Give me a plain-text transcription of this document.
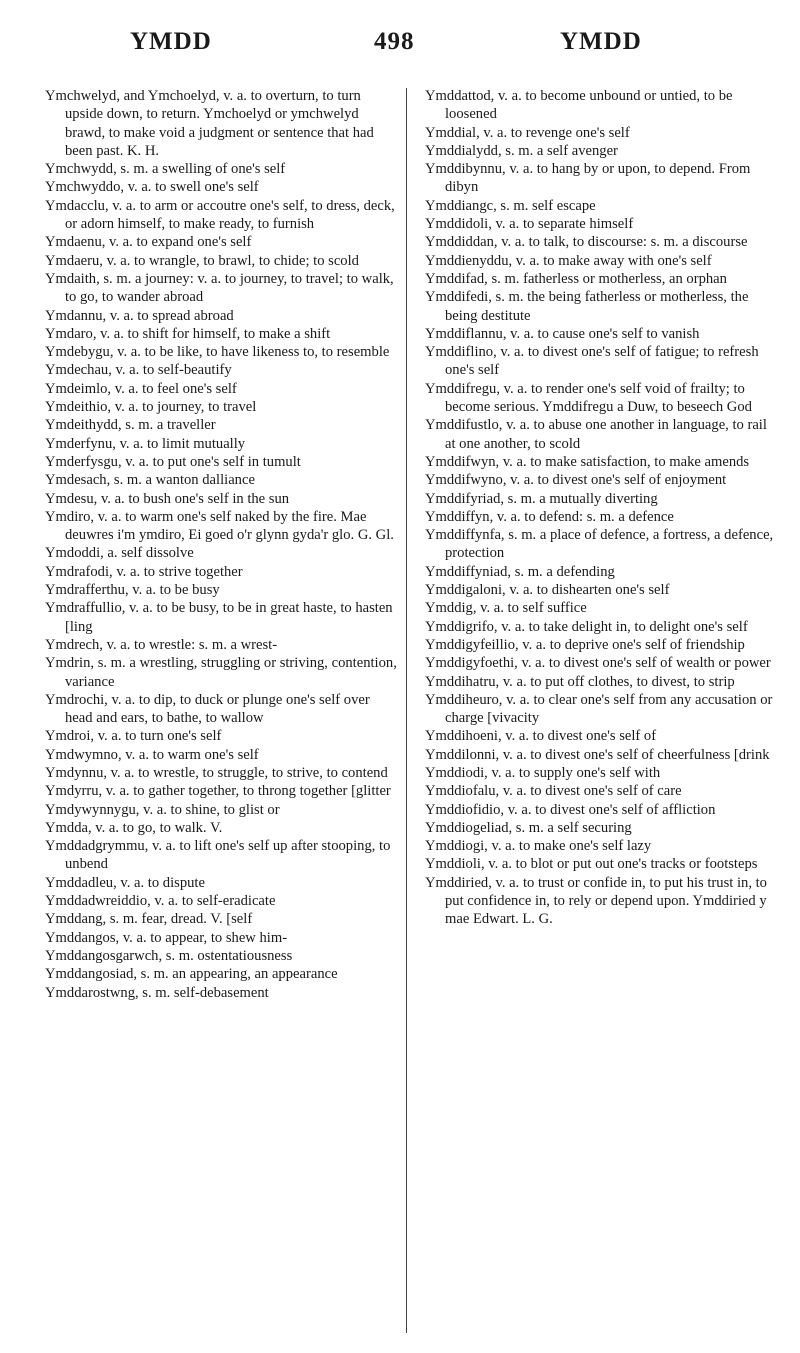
YMDD	498	YMDD

Ymchwelyd, and Ymchoelyd, v. a. to overturn, to turn upside down, to return. Ymchoelyd or ymchwelyd brawd, to make void a judgment or sentence that had been past. K. H.

Ymchwydd, s. m. a swelling of one's self

Ymchwyddo, v. a. to swell one's self

Ymdacclu, v. a. to arm or accoutre one's self, to dress, deck, or adorn himself, to make ready, to furnish

Ymdaenu, v. a. to expand one's self

Ymdaeru, v. a. to wrangle, to brawl, to chide; to scold

Ymdaith, s. m. a journey: v. a. to journey, to travel; to walk, to go, to wander abroad

Ymdannu, v. a. to spread abroad

Ymdaro, v. a. to shift for himself, to make a shift

Ymdebygu, v. a. to be like, to have likeness to, to resemble

Ymdechau, v. a. to self-beautify

Ymdeimlo, v. a. to feel one's self

Ymdeithio, v. a. to journey, to travel

Ymdeithydd, s. m. a traveller

Ymderfynu, v. a. to limit mutually

Ymderfysgu, v. a. to put one's self in tumult

Ymdesach, s. m. a wanton dalliance

Ymdesu, v. a. to bush one's self in the sun

Ymdiro, v. a. to warm one's self naked by the fire. Mae deuwres i'm ymdiro, Ei goed o'r glynn gyda'r glo. G. Gl.

Ymdoddi, a. self dissolve

Ymdrafodi, v. a. to strive together

Ymdrafferthu, v. a. to be busy

Ymdraffullio, v. a. to be busy, to be in great haste, to hasten [ling

Ymdrech, v. a. to wrestle: s. m. a wrest-

Ymdrin, s. m. a wrestling, struggling or striving, contention, variance

Ymdrochi, v. a. to dip, to duck or plunge one's self over head and ears, to bathe, to wallow

Ymdroi, v. a. to turn one's self

Ymdwymno, v. a. to warm one's self

Ymdynnu, v. a. to wrestle, to struggle, to strive, to contend

Ymdyrru, v. a. to gather together, to throng together [glitter

Ymdywynnygu, v. a. to shine, to glist or

Ymdda, v. a. to go, to walk. V.

Ymddadgrymmu, v. a. to lift one's self up after stooping, to unbend

Ymddadleu, v. a. to dispute

Ymddadwreiddio, v. a. to self-eradicate

Ymddang, s. m. fear, dread. V. [self

Ymddangos, v. a. to appear, to shew him-

Ymddangosgarwch, s. m. ostentatiousness

Ymddangosiad, s. m. an appearing, an appearance

Ymddarostwng, s. m. self-debasement

Ymddattod, v. a. to become unbound or untied, to be loosened

Ymddial, v. a. to revenge one's self

Ymddialydd, s. m. a self avenger

Ymddibynnu, v. a. to hang by or upon, to depend. From dibyn

Ymddiangc, s. m. self escape

Ymddidoli, v. a. to separate himself

Ymddiddan, v. a. to talk, to discourse: s. m. a discourse

Ymddienyddu, v. a. to make away with one's self

Ymddifad, s. m. fatherless or motherless, an orphan

Ymddifedi, s. m. the being fatherless or motherless, the being destitute

Ymddiflannu, v. a. to cause one's self to vanish

Ymddiflino, v. a. to divest one's self of fatigue; to refresh one's self

Ymddifregu, v. a. to render one's self void of frailty; to become serious. Ymddifregu a Duw, to beseech God

Ymddifustlo, v. a. to abuse one another in language, to rail at one another, to scold

Ymddifwyn, v. a. to make satisfaction, to make amends

Ymddifwyno, v. a. to divest one's self of enjoyment

Ymddifyriad, s. m. a mutually diverting

Ymddiffyn, v. a. to defend: s. m. a defence

Ymddiffynfa, s. m. a place of defence, a fortress, a defence, protection

Ymddiffyniad, s. m. a defending

Ymddigaloni, v. a. to dishearten one's self

Ymddig, v. a. to self suffice

Ymddigrifo, v. a. to take delight in, to delight one's self

Ymddigyfeillio, v. a. to deprive one's self of friendship

Ymddigyfoethi, v. a. to divest one's self of wealth or power

Ymddihatru, v. a. to put off clothes, to divest, to strip

Ymddiheuro, v. a. to clear one's self from any accusation or charge [vivacity

Ymddihoeni, v. a. to divest one's self of

Ymddilonni, v. a. to divest one's self of cheerfulness [drink

Ymddiodi, v. a. to supply one's self with

Ymddiofalu, v. a. to divest one's self of care

Ymddiofidio, v. a. to divest one's self of affliction

Ymddiogeliad, s. m. a self securing

Ymddiogi, v. a. to make one's self lazy

Ymddioli, v. a. to blot or put out one's tracks or footsteps

Ymddiried, v. a. to trust or confide in, to put his trust in, to put confidence in, to rely or depend upon. Ymddiried y mae Edwart. L. G.
